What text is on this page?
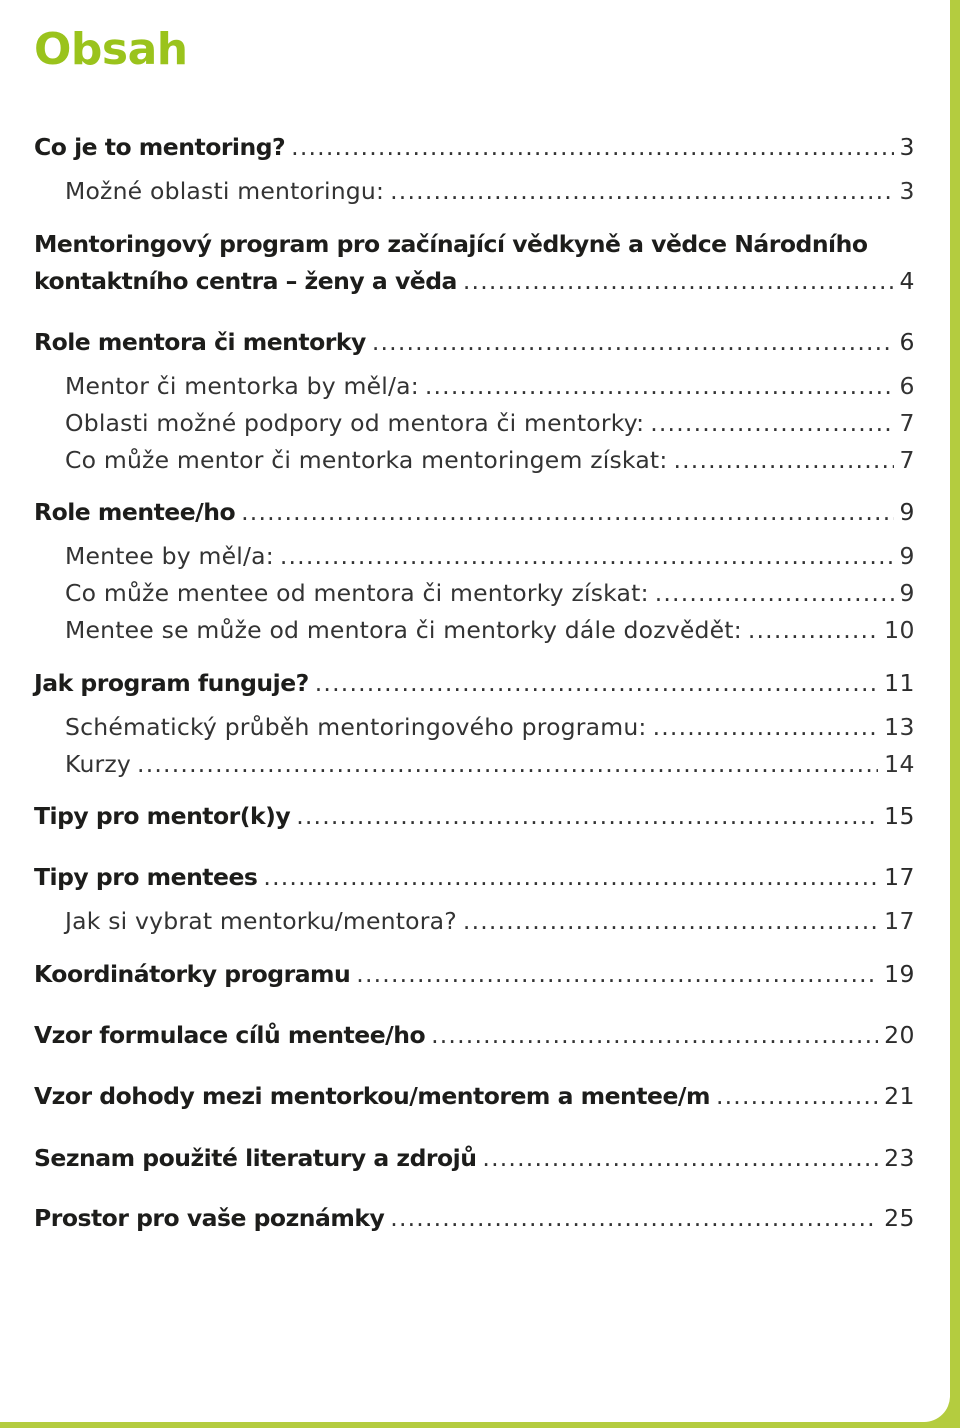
Obsah
Co je to mentoring? .....	3
Možné oblasti mentoringu: .....	3
Mentoringový program pro začínající vědkyně a vědce Národního
kontaktního centra – ženy a věda .....	4
Role mentora či mentorky .....	6
Mentor či mentorka by měl/a: .....	6
Oblasti možné podpory od mentora či mentorky: .....	7
Co může mentor či mentorka mentoringem získat: .....	7
Role mentee/ho .....	9
Mentee by měl/a: .....	9
Co může mentee od mentora či mentorky získat: .....	9
Mentee se může od mentora či mentorky dále dozvědět: .....	10
Jak program funguje? .....	11
Schématický průběh mentoringového programu: .....	13
Kurzy .....	14
Tipy pro mentor(k)y .....	15
Tipy pro mentees .....	17
Jak si vybrat mentorku/mentora? .....	17
Koordinátorky programu .....	19
Vzor formulace cílů mentee/ho .....	20
Vzor dohody mezi mentorkou/mentorem a mentee/m .....	21
Seznam použité literatury a zdrojů .....	23
Prostor pro vaše poznámky .....	25
